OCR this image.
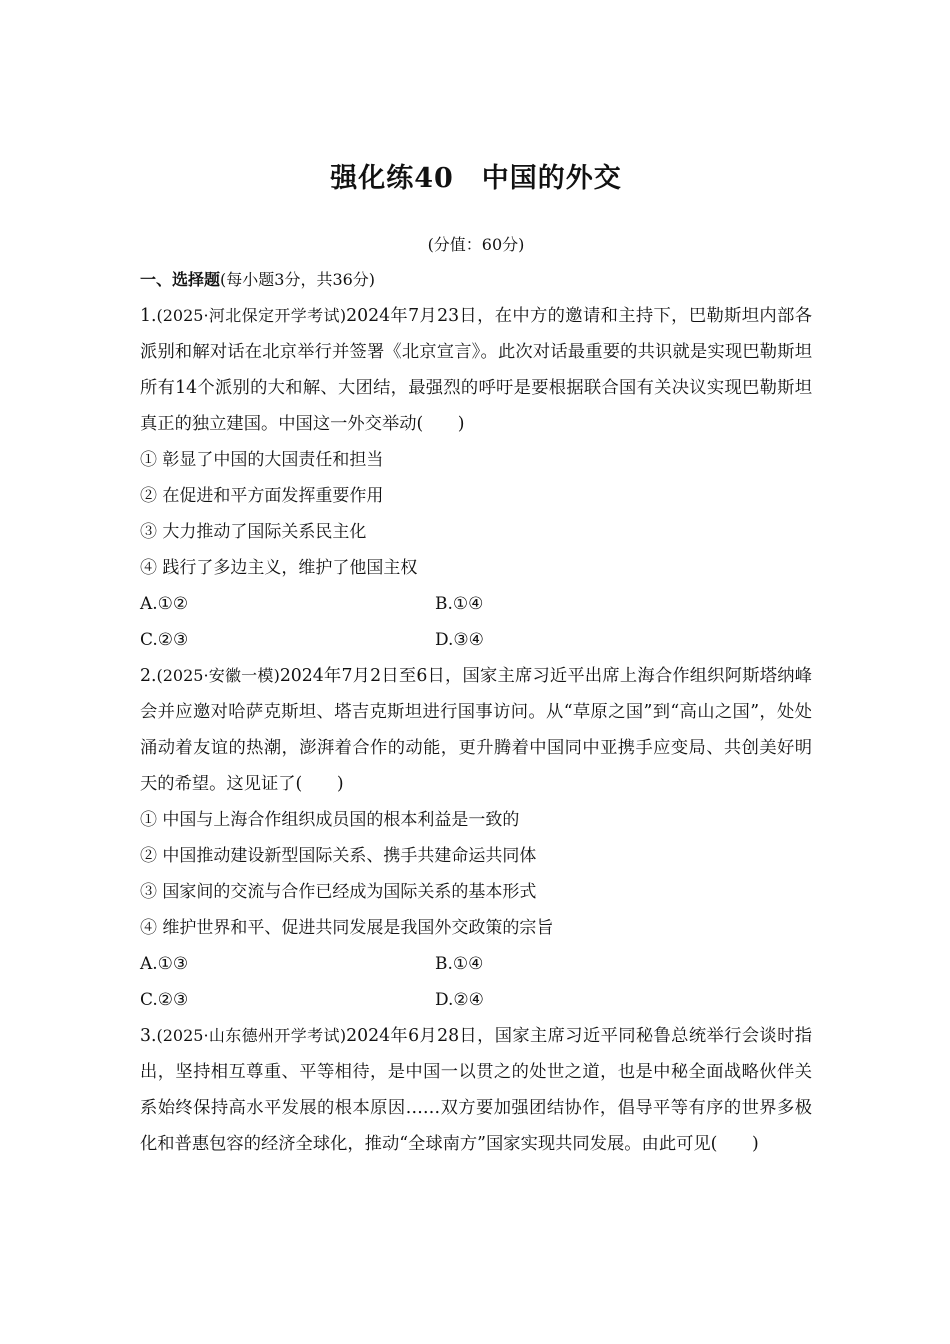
强化练40　中国的外交
(分值：60分)
一、选择题(每小题3分，共36分)
1.(2025·河北保定开学考试)2024年7月23日，在中方的邀请和主持下，巴勒斯坦内部各派别和解对话在北京举行并签署《北京宣言》。此次对话最重要的共识就是实现巴勒斯坦所有14个派别的大和解、大团结，最强烈的呼吁是要根据联合国有关决议实现巴勒斯坦真正的独立建国。中国这一外交举动(　　)
① 彰显了中国的大国责任和担当
② 在促进和平方面发挥重要作用
③ 大力推动了国际关系民主化
④ 践行了多边主义，维护了他国主权
A.①②	B.①④
C.②③	D.③④
2.(2025·安徽一模)2024年7月2日至6日，国家主席习近平出席上海合作组织阿斯塔纳峰会并应邀对哈萨克斯坦、塔吉克斯坦进行国事访问。从“草原之国”到“高山之国”，处处涌动着友谊的热潮，澎湃着合作的动能，更升腾着中国同中亚携手应变局、共创美好明天的希望。这见证了(　　)
① 中国与上海合作组织成员国的根本利益是一致的
② 中国推动建设新型国际关系、携手共建命运共同体
③ 国家间的交流与合作已经成为国际关系的基本形式
④ 维护世界和平、促进共同发展是我国外交政策的宗旨
A.①③	B.①④
C.②③	D.②④
3.(2025·山东德州开学考试)2024年6月28日，国家主席习近平同秘鲁总统举行会谈时指出，坚持相互尊重、平等相待，是中国一以贯之的处世之道，也是中秘全面战略伙伴关系始终保持高水平发展的根本原因……双方要加强团结协作，倡导平等有序的世界多极化和普惠包容的经济全球化，推动“全球南方”国家实现共同发展。由此可见(　　)
